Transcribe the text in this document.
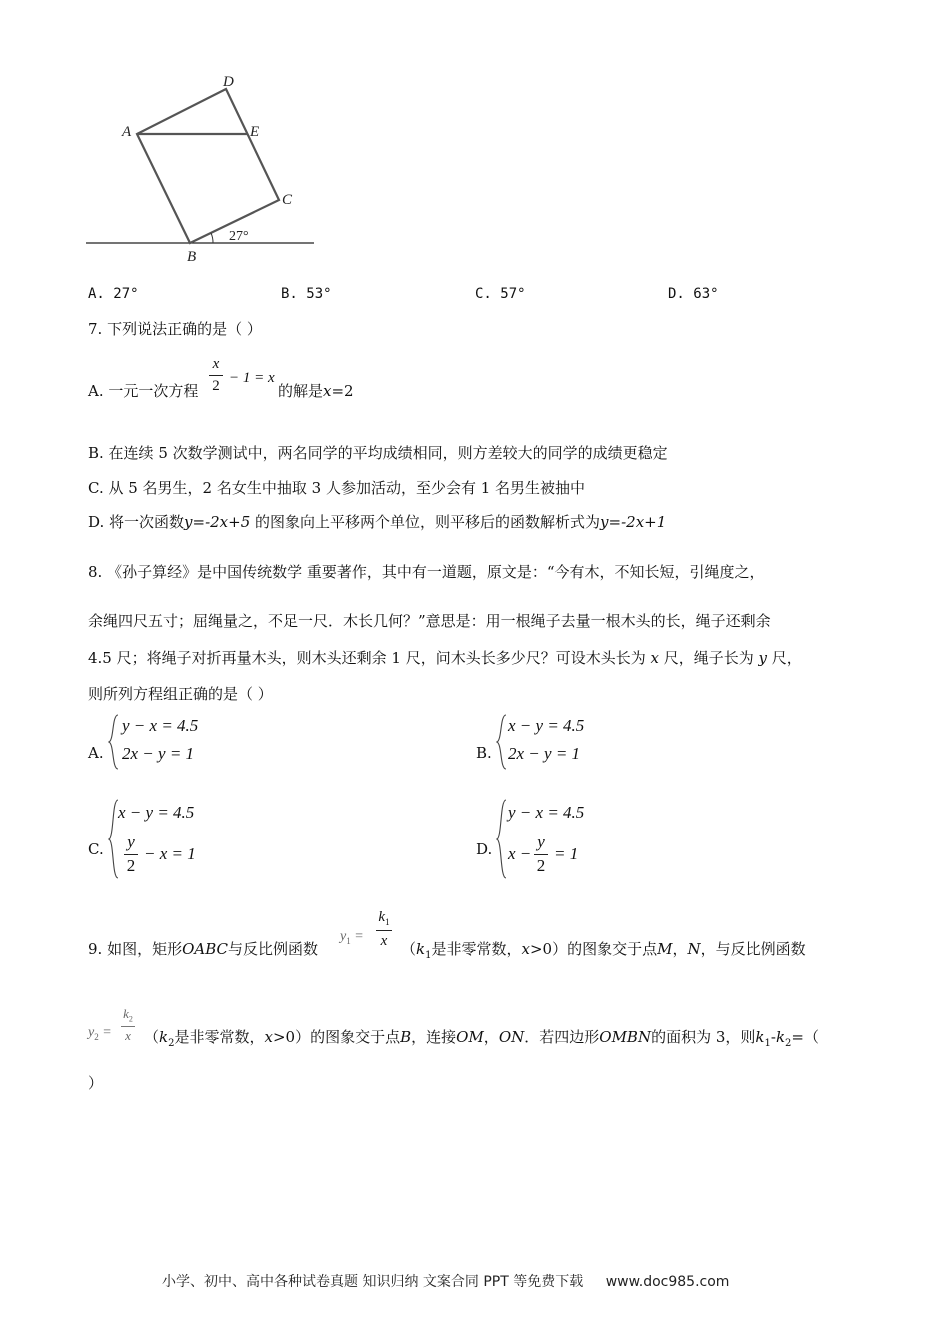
D
A	E
C
B
27°
A. 27°	B. 53°	C. 57°	D. 63°
7. 下列说法正确的是（ ）
A. 一元一次方程
x
2 − 1 = x
的解是x=2
B. 在连续 5 次数学测试中，两名同学的平均成绩相同，则方差较大的同学的成绩更稳定
C. 从 5 名男生，2 名女生中抽取 3 人参加活动，至少会有 1 名男生被抽中
D. 将一次函数y=-2x+5 的图象向上平移两个单位，则平移后的函数解析式为y=-2x+1
8. 《孙子算经》是中国传统数学 重要著作，其中有一道题，原文是：“今有木，不知长短，引绳度之，
余绳四尺五寸；屈绳量之，不足一尺．木长几何？”意思是：用一根绳子去量一根木头的长，绳子还剩余
4.5 尺；将绳子对折再量木头，则木头还剩余 1 尺，问木头长多少尺？可设木头长为 x 尺，绳子长为 y 尺，
则所列方程组正确的是（ ）
A.
y − x = 4.5
2x − y = 1	B.
x − y = 4.5
2x − y = 1
C.
x − y = 4.5
y
2
− x = 1	D.
y − x = 4.5
x −
y
2
= 1
9. 如图，矩形OABC与反比例函数
$y_1$ =
$k_1$
x （$k_1$是非零常数，x>0）的图象交于点M，N，与反比例函数
$y_2$ =
$k_2$
x （$k_2$是非零常数，x>0）的图象交于点B，连接OM，ON．若四边形OMBN的面积为 3，则$k_1-k_2=$（
）
小学、初中、高中各种试卷真题 知识归纳 文案合同 PPT 等免费下载 www.doc985.com
